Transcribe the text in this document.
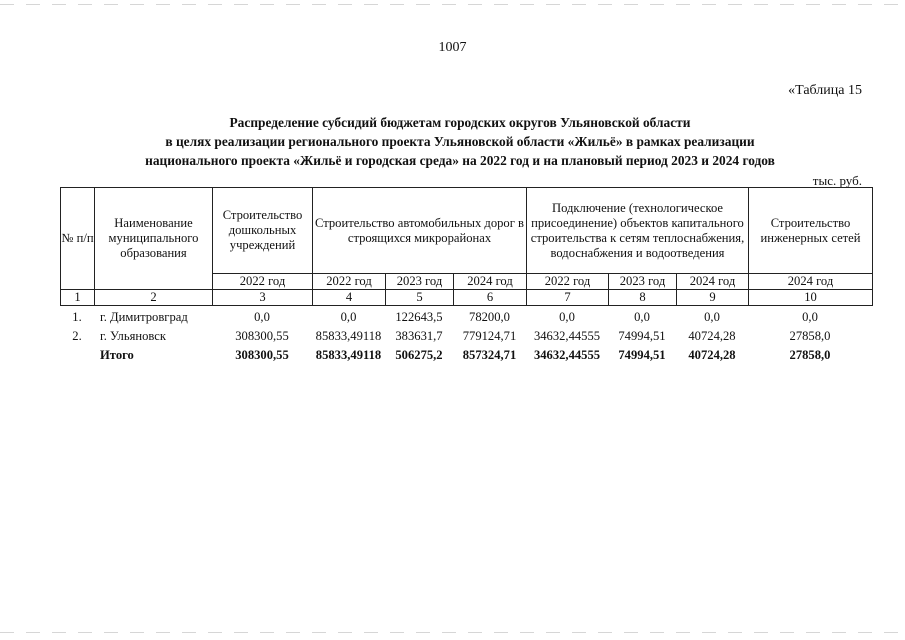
1007
«Таблица 15
Распределение субсидий бюджетам городских округов Ульяновской области
в целях реализации регионального проекта Ульяновской области «Жильё» в рамках реализации
национального проекта «Жильё и городская среда» на 2022 год и на плановый период 2023 и 2024 годов
тыс. руб.
№ п/п	Наименование муниципального образования	Строительство дошкольных учреждений	Строительство автомобильных дорог в строящихся микрорайонах			Подключение (технологическое присоединение) объектов капитального строительства к сетям теплоснабжения, водоснабжения и водоотведения			Строительство инженерных сетей
		2022 год	2022 год	2023 год	2024 год	2022 год	2023 год	2024 год	2024 год
1	2	3	4	5	6	7	8	9	10
1.	г. Димитровград	0,0	0,0	122643,5	78200,0	0,0	0,0	0,0	0,0
2.	г. Ульяновск	308300,55	85833,49118	383631,7	779124,71	34632,44555	74994,51	40724,28	27858,0
	Итого	308300,55	85833,49118	506275,2	857324,71	34632,44555	74994,51	40724,28	27858,0
